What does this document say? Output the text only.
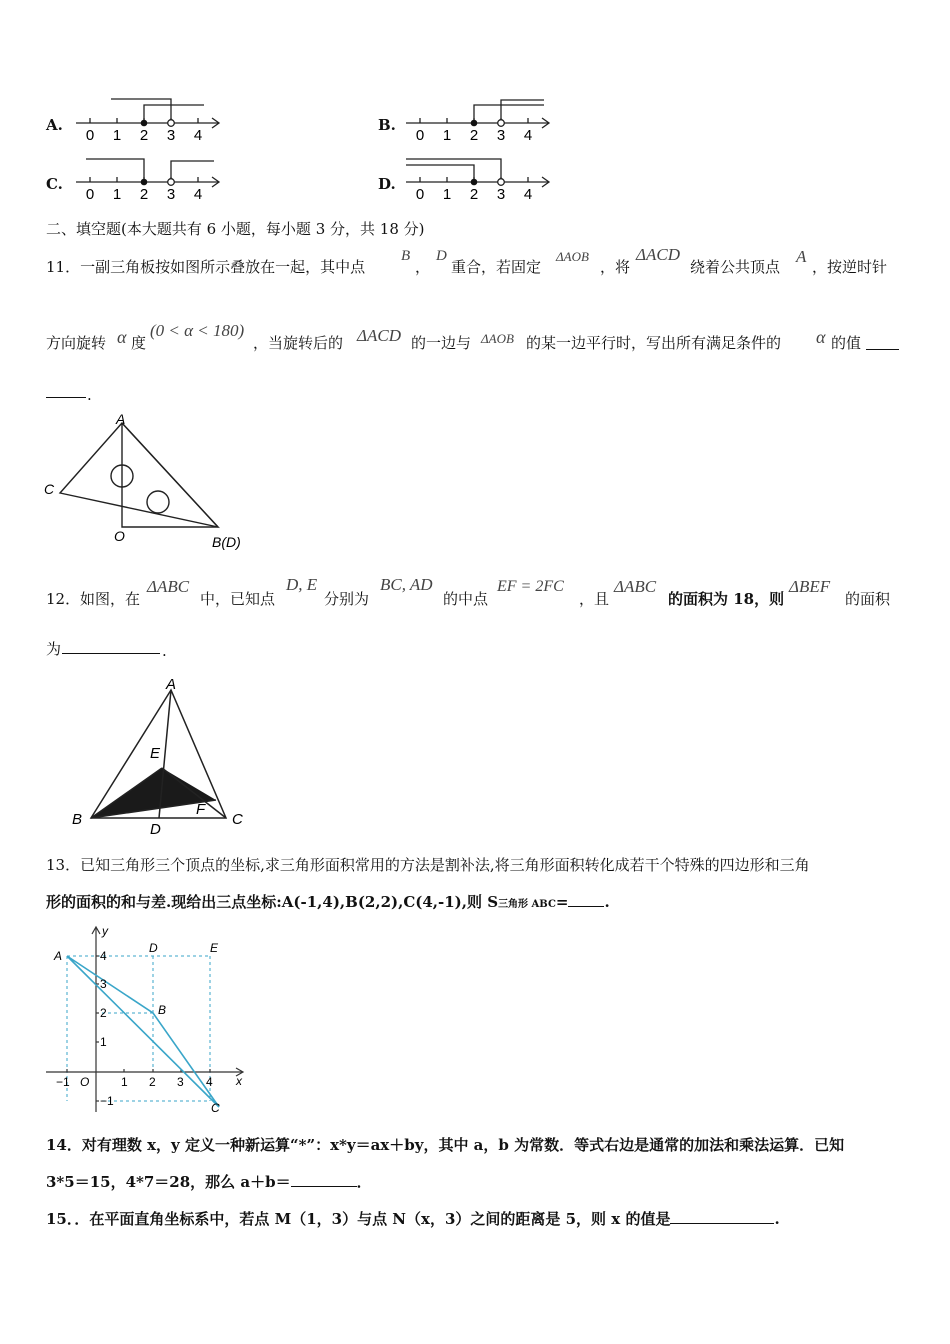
A.
0 1 2 3 4
B.
0 1 2 3 4
C.
0 1 2 3 4
D.
0 1 2 3 4
二、填空题(本大题共有 6 小题，每小题 3 分，共 18 分)
11．一副三角板按如图所示叠放在一起，其中点
B
，
D
重合，若固定
ΔAOB
，将
ΔACD
绕着公共顶点
A
，按逆时针
方向旋转 α 度
(0 < α < 180)
，当旋转后的 ΔACD 的一边与 ΔAOB 的某一边平行时，写出所有满足条件的 α 的值
.
A
C
O	B(D)
12． 如图，在
ΔABC
中，已知点
D, E
分别为
BC, AD
的中点
EF = 2FC
，且
ΔABC
的面积为 18，则
ΔBEF
的面积
为	.
A
E
F
B
D
C
13．已知三角形三个顶点的坐标,求三角形面积常用的方法是割补法,将三角形面积转化成若干个特殊的四边形和三角
形的面积的和与差.现给出三点坐标:A(-1,4),B(2,2),C(4,-1),则 S三角形 ABC= .
y
x
O
A
B
C
D	E
−1	1 2 3 4
4
3
2
1
−1
14．对有理数 x，y 定义一种新运算“*”：x*y＝ax＋by，其中 a，b 为常数．等式右边是通常的加法和乘法运算．已知
3*5＝15，4*7＝28，那么 a＋b＝	．
15．．在平面直角坐标系中，若点 M（1，3）与点 N（x，3）之间的距离是 5，则 x 的值是	.
